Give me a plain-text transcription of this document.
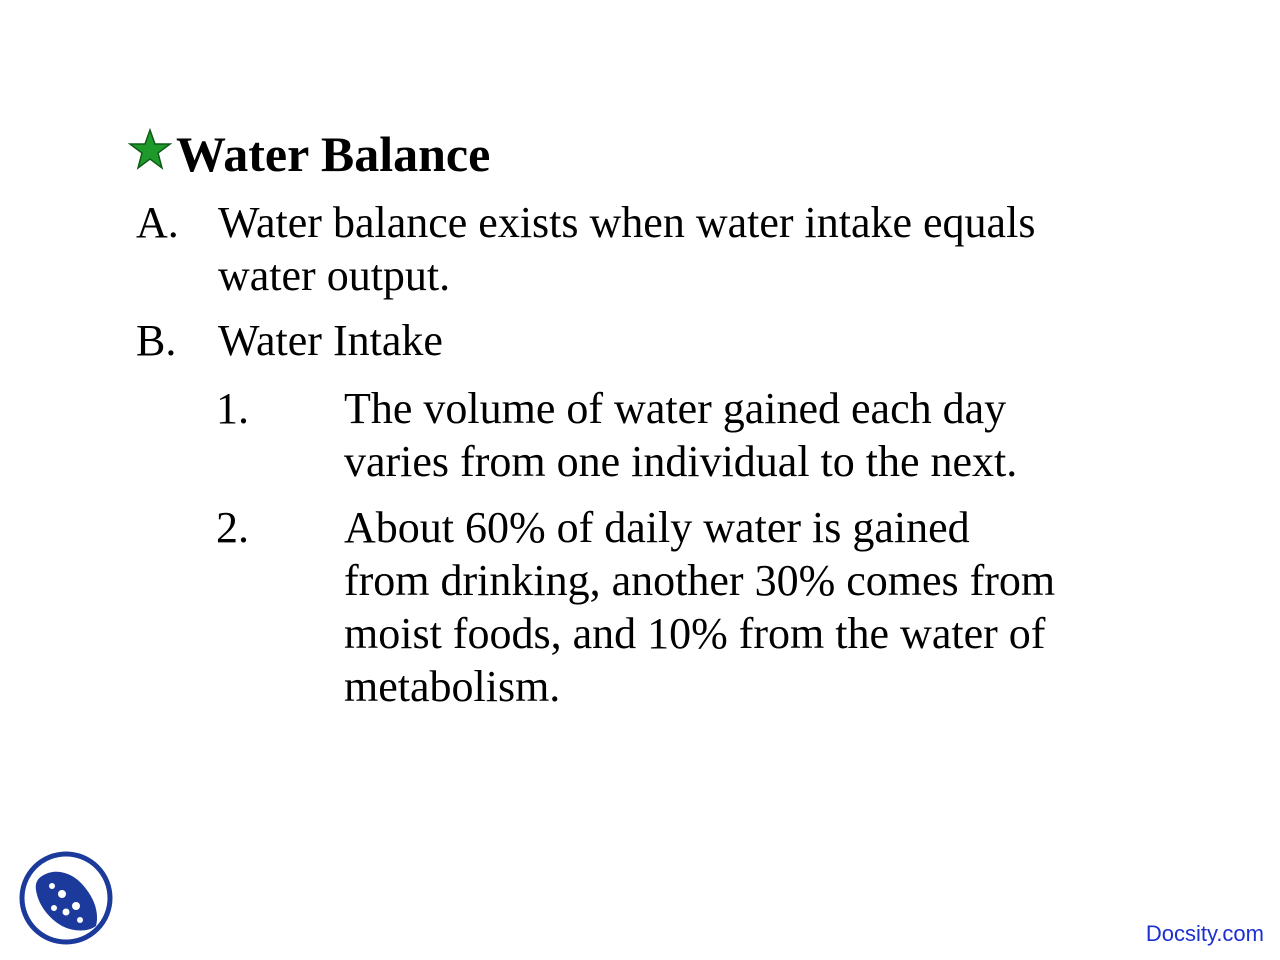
Water Balance
A. Water balance exists when water intake equals
water output.
B. Water Intake
1. The volume of water gained each day
varies from one individual to the next.
2. About 60% of daily water is gained
from drinking, another 30% comes from
moist foods, and 10% from the water of
metabolism.
Docsity.com
